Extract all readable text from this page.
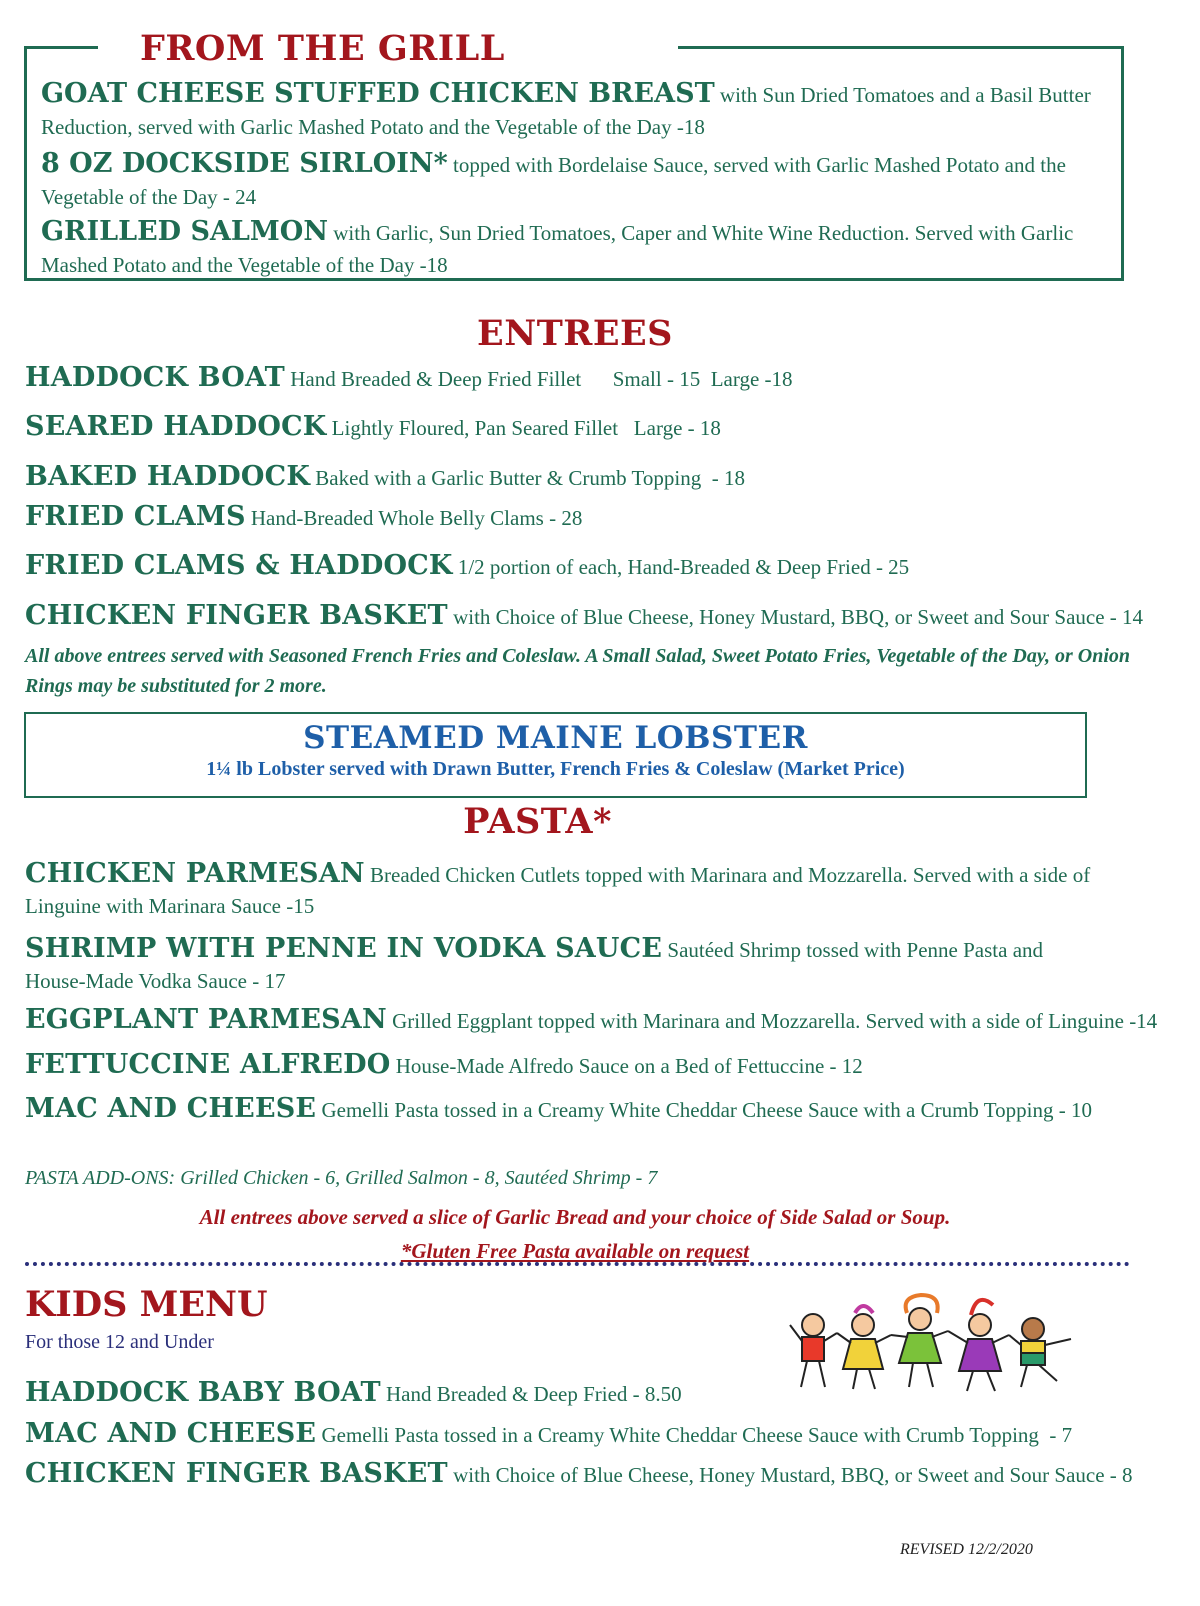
FROM THE GRILL
GOAT CHEESE STUFFED CHICKEN BREAST with Sun Dried Tomatoes and a Basil Butter Reduction, served with Garlic Mashed Potato and the Vegetable of the Day -18
8 OZ DOCKSIDE SIRLOIN* topped with Bordelaise Sauce, served with Garlic Mashed Potato and the Vegetable of the Day - 24
GRILLED SALMON with Garlic, Sun Dried Tomatoes, Caper and White Wine Reduction. Served with Garlic Mashed Potato and the Vegetable of the Day -18
ENTREES
HADDOCK BOAT Hand Breaded & Deep Fried Fillet      Small - 15  Large -18
SEARED HADDOCK Lightly Floured, Pan Seared Fillet   Large - 18
BAKED HADDOCK Baked with a Garlic Butter & Crumb Topping  - 18
FRIED CLAMS Hand-Breaded Whole Belly Clams - 28
FRIED CLAMS & HADDOCK 1/2 portion of each, Hand-Breaded & Deep Fried - 25
CHICKEN FINGER BASKET with Choice of Blue Cheese, Honey Mustard, BBQ, or Sweet and Sour Sauce - 14
All above entrees served with Seasoned French Fries and Coleslaw. A Small Salad, Sweet Potato Fries, Vegetable of the Day, or Onion Rings may be substituted for 2 more.
STEAMED MAINE LOBSTER
1¼ lb Lobster served with Drawn Butter, French Fries & Coleslaw (Market Price)
PASTA*
CHICKEN PARMESAN Breaded Chicken Cutlets topped with Marinara and Mozzarella. Served with a side of Linguine with Marinara Sauce -15
SHRIMP WITH PENNE IN VODKA SAUCE Sautéed Shrimp tossed with Penne Pasta and House-Made Vodka Sauce - 17
EGGPLANT PARMESAN Grilled Eggplant topped with Marinara and Mozzarella. Served with a side of Linguine -14
FETTUCCINE ALFREDO House-Made Alfredo Sauce on a Bed of Fettuccine - 12
MAC AND CHEESE Gemelli Pasta tossed in a Creamy White Cheddar Cheese Sauce with a Crumb Topping - 10
PASTA ADD-ONS: Grilled Chicken - 6, Grilled Salmon - 8, Sautéed Shrimp - 7
All entrees above served a slice of Garlic Bread and your choice of Side Salad or Soup.
*Gluten Free Pasta available on request
KIDS MENU
For those 12 and Under
HADDOCK BABY BOAT Hand Breaded & Deep Fried - 8.50
MAC AND CHEESE Gemelli Pasta tossed in a Creamy White Cheddar Cheese Sauce with Crumb Topping  - 7
CHICKEN FINGER BASKET with Choice of Blue Cheese, Honey Mustard, BBQ, or Sweet and Sour Sauce - 8
REVISED 12/2/2020
